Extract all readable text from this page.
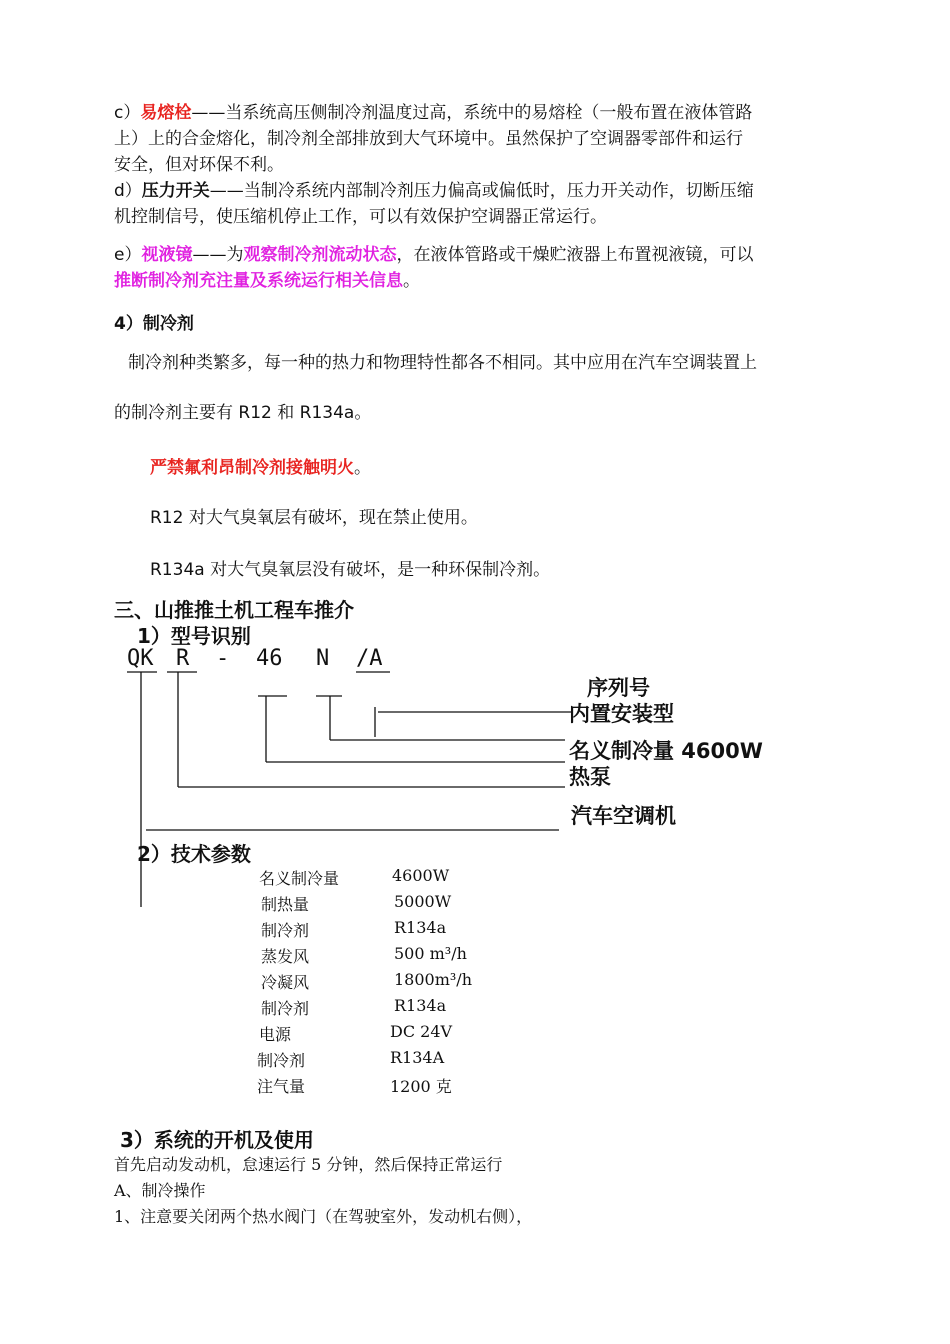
c）易熔栓——当系统高压侧制冷剂温度过高，系统中的易熔栓（一般布置在液体管路
上）上的合金熔化，制冷剂全部排放到大气环境中。虽然保护了空调器零部件和运行
安全，但对环保不利。
d）压力开关——当制冷系统内部制冷剂压力偏高或偏低时，压力开关动作，切断压缩
机控制信号，使压缩机停止工作，可以有效保护空调器正常运行。
e）视液镜——为观察制冷剂流动状态，在液体管路或干燥贮液器上布置视液镜，可以
推断制冷剂充注量及系统运行相关信息。
4）制冷剂
制冷剂种类繁多，每一种的热力和物理特性都各不相同。其中应用在汽车空调装置上
的制冷剂主要有 R12 和 R134a。
严禁氟利昂制冷剂接触明火。
R12 对大气臭氧层有破坏，现在禁止使用。
R134a 对大气臭氧层没有破坏，是一种环保制冷剂。
三、山推推土机工程车推介
1）型号识别
QK R - 46 N /A
序列号
内置安装型
名义制冷量 4600W
热泵
汽车空调机
2）技术参数
名义制冷量	4600W
制热量	5000W
制冷剂	R134a
蒸发风	500 m³/h
冷凝风	1800m³/h
制冷剂	R134a
电源	DC 24V
制冷剂	R134A
注气量	1200 克
3）系统的开机及使用
首先启动发动机，怠速运行 5 分钟，然后保持正常运行
A、制冷操作
1、注意要关闭两个热水阀门（在驾驶室外，发动机右侧），
